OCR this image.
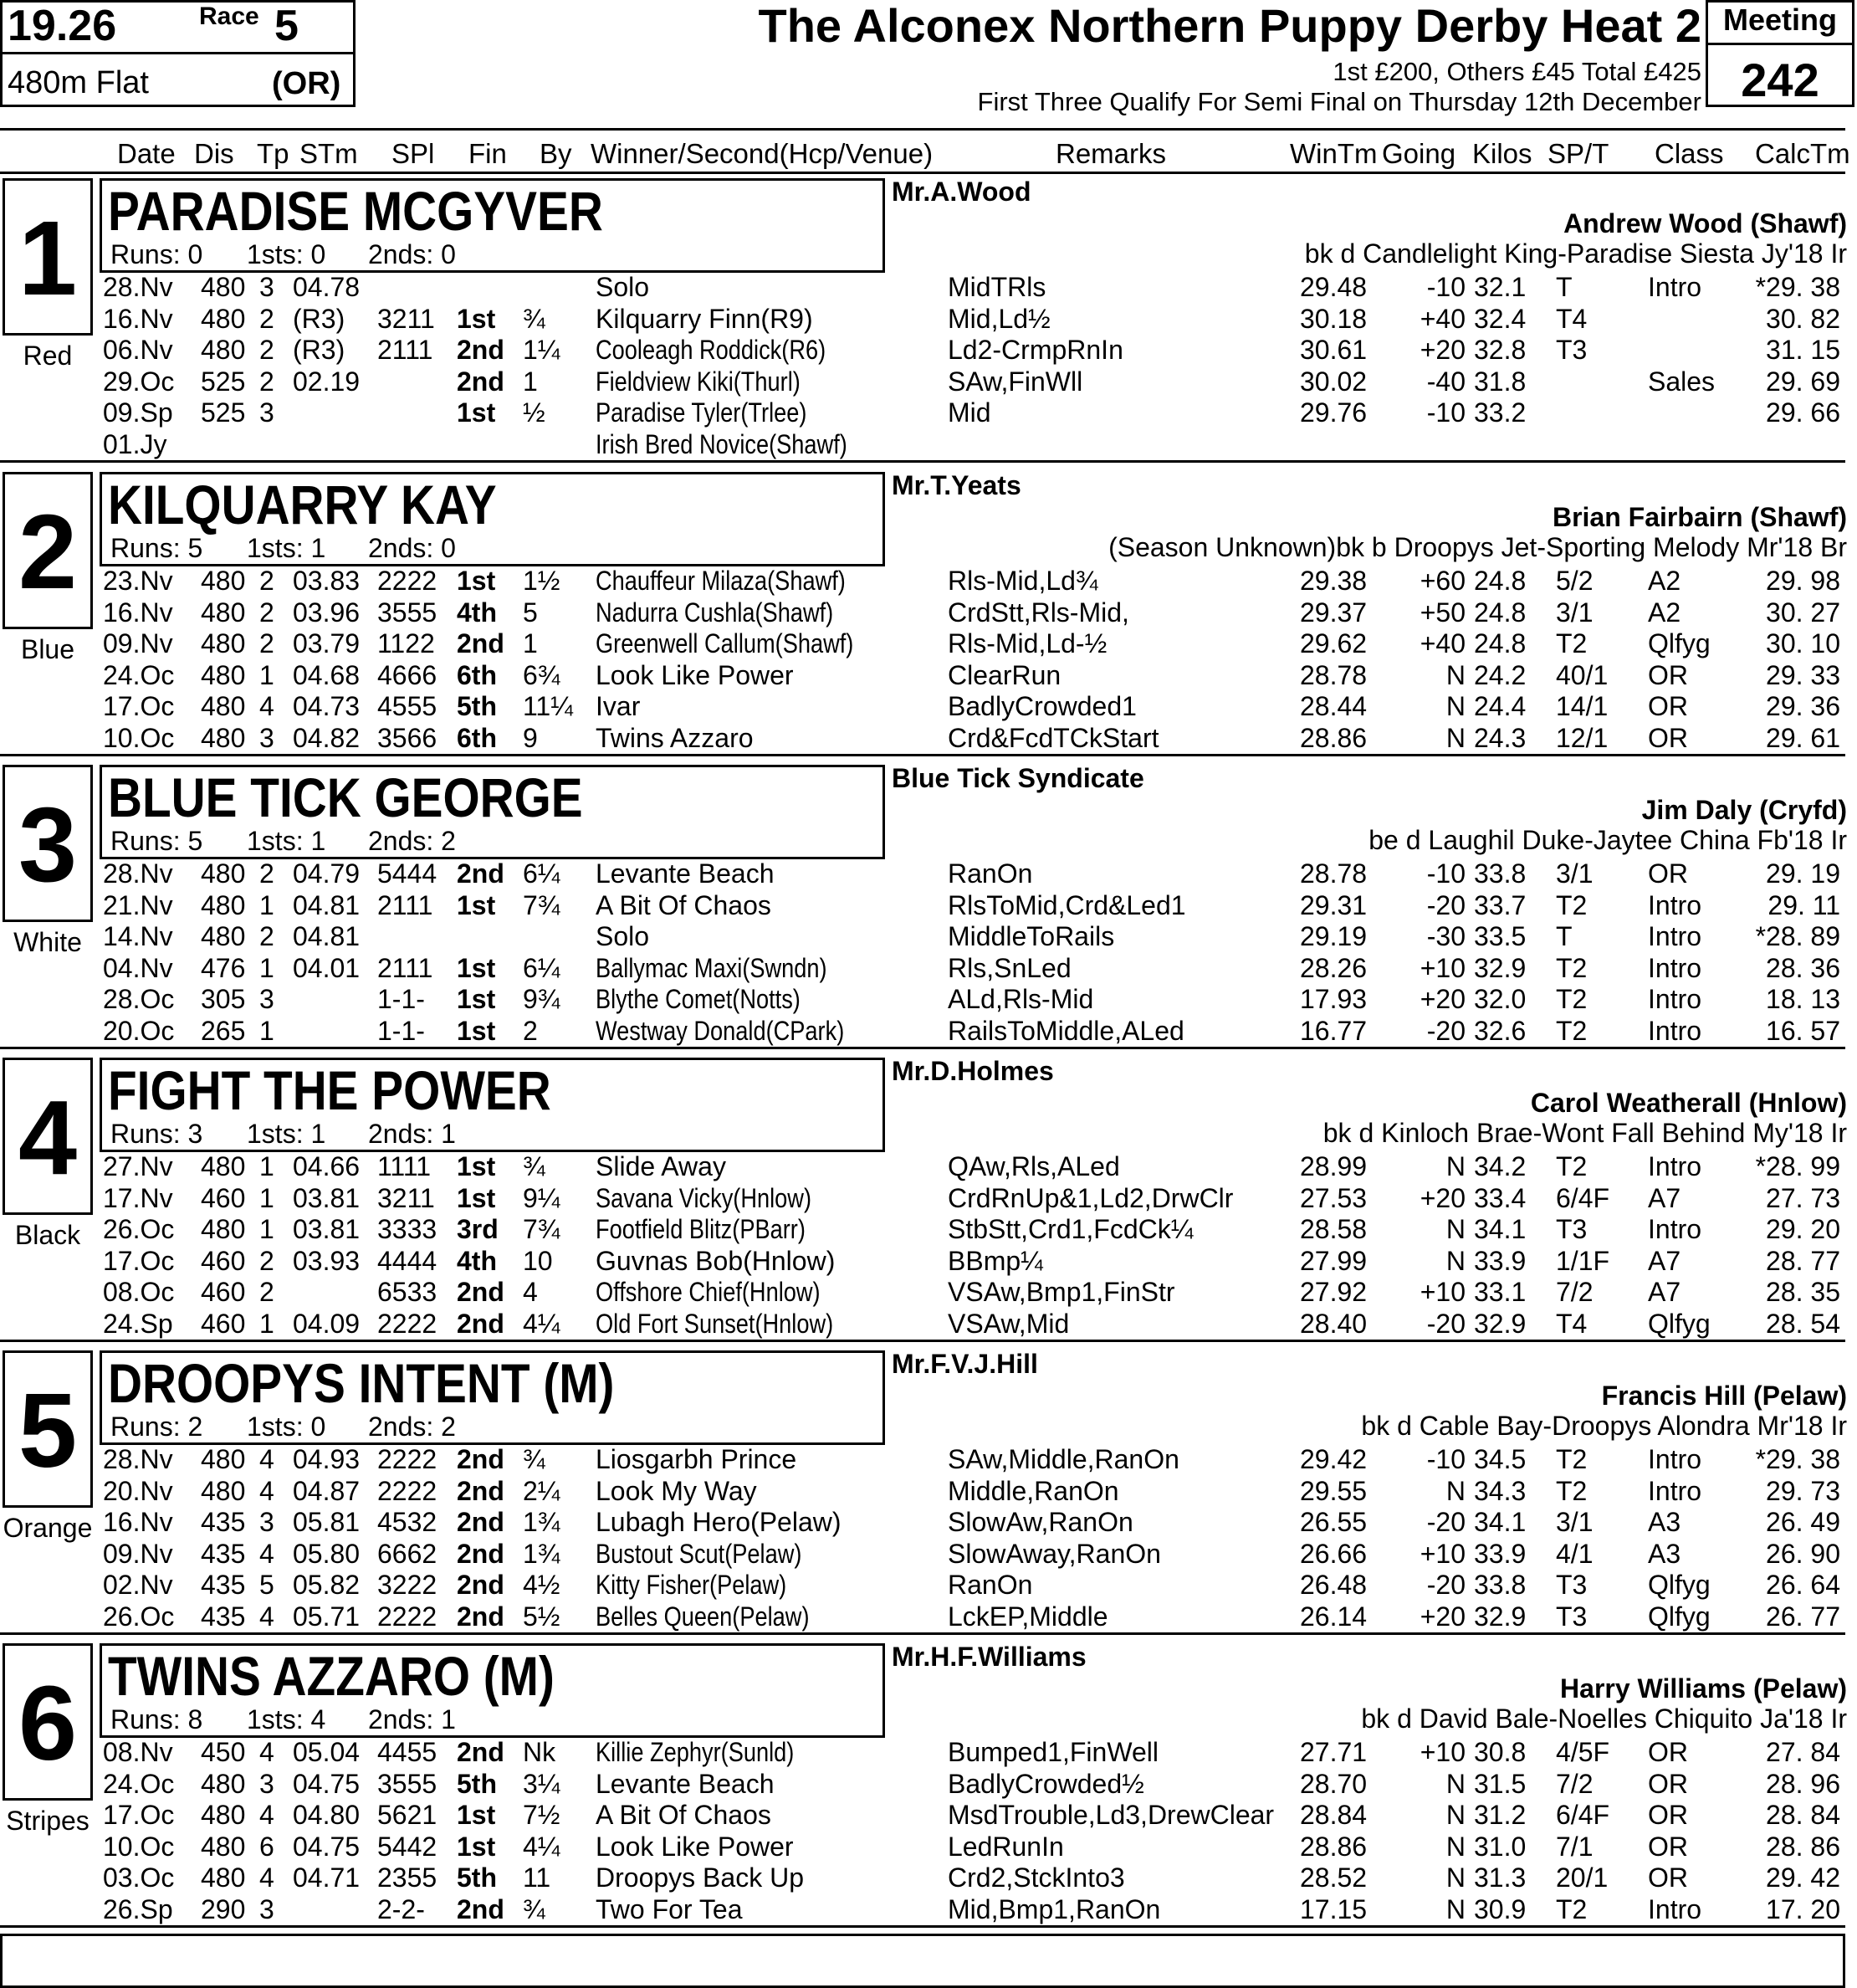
19.26	Race 5
480m Flat	(OR)
The Alconex Northern Puppy Derby Heat 2
1st £200, Others £45 Total £425
First Three Qualify For Semi Final on Thursday 12th December
Meeting
242
Date Dis Tp STm SPl Fin By Winner/Second(Hcp/Venue)	Remarks	WinTm Going Kilos SP/T Class CalcTm
1
Red
PARADISE MCGYVER
Runs: 0 1sts: 0 2nds: 0
Mr.A.Wood
Andrew Wood (Shawf)
bk d Candlelight King-Paradise Siesta Jy'18 Ir
28.Nv 480 3 04.78	Solo	MidTRls	29.48	-10 32.1 T	Intro	*29. 38
16.Nv 480 2 (R3) 3211 1st ¾ Kilquarry Finn(R9)	Mid,Ld½	30.18	+40 32.4 T4	30. 82
06.Nv 480 2 (R3) 2111 2nd 1¼ Cooleagh Roddick(R6)	Ld2-CrmpRnIn	30.61	+20 32.8 T3	31. 15
29.Oc 525 2 02.19	2nd 1 Fieldview Kiki(Thurl)	SAw,FinWll	30.02	-40 31.8	Sales	29. 69
09.Sp 525 3	1st ½ Paradise Tyler(Trlee)	Mid	29.76	-10 33.2	29. 66
01.Jy	Irish Bred Novice(Shawf)
2
Blue
KILQUARRY KAY
Runs: 5 1sts: 1 2nds: 0
Mr.T.Yeats
Brian Fairbairn (Shawf)
(Season Unknown)bk b Droopys Jet-Sporting Melody Mr'18 Br
23.Nv 480 2 03.83 2222 1st 1½ Chauffeur Milaza(Shawf)	Rls-Mid,Ld¾	29.38	+60 24.8 5/2 A2	29. 98
16.Nv 480 2 03.96 3555 4th 5 Nadurra Cushla(Shawf)	CrdStt,Rls-Mid,	29.37	+50 24.8 3/1 A2	30. 27
09.Nv 480 2 03.79 1122 2nd 1 Greenwell Callum(Shawf)	Rls-Mid,Ld-½	29.62	+40 24.8 T2 Qlfyg	30. 10
24.Oc 480 1 04.68 4666 6th 6¾ Look Like Power	ClearRun	28.78	N 24.2 40/1 OR	29. 33
17.Oc 480 4 04.73 4555 5th 11¼ Ivar	BadlyCrowded1	28.44	N 24.4 14/1 OR	29. 36
10.Oc 480 3 04.82 3566 6th 9 Twins Azzaro	Crd&FcdTCkStart	28.86	N 24.3 12/1 OR	29. 61
3
White
BLUE TICK GEORGE
Runs: 5 1sts: 1 2nds: 2
Blue Tick Syndicate
Jim Daly (Cryfd)
be d Laughil Duke-Jaytee China Fb'18 Ir
28.Nv 480 2 04.79 5444 2nd 6¼ Levante Beach	RanOn	28.78	-10 33.8 3/1 OR	29. 19
21.Nv 480 1 04.81 2111 1st 7¾ A Bit Of Chaos	RlsToMid,Crd&Led1	29.31	-20 33.7 T2 Intro	29. 11
14.Nv 480 2 04.81	Solo	MiddleToRails	29.19	-30 33.5 T	Intro	*28. 89
04.Nv 476 1 04.01 2111 1st 6¼ Ballymac Maxi(Swndn)	Rls,SnLed	28.26	+10 32.9 T2 Intro	28. 36
28.Oc 305 3	1-1- 1st 9¾ Blythe Comet(Notts)	ALd,Rls-Mid	17.93	+20 32.0 T2 Intro	18. 13
20.Oc 265 1	1-1- 1st 2 Westway Donald(CPark)	RailsToMiddle,ALed	16.77	-20 32.6 T2 Intro	16. 57
4
Black
FIGHT THE POWER
Runs: 3 1sts: 1 2nds: 1
Mr.D.Holmes
Carol Weatherall (Hnlow)
bk d Kinloch Brae-Wont Fall Behind My'18 Ir
27.Nv 480 1 04.66 1111 1st ¾ Slide Away	QAw,Rls,ALed	28.99	N 34.2 T2 Intro	*28. 99
17.Nv 460 1 03.81 3211 1st 9¼ Savana Vicky(Hnlow)	CrdRnUp&1,Ld2,DrwClr 27.53	+20 33.4 6/4F A7	27. 73
26.Oc 480 1 03.81 3333 3rd 7¾ Footfield Blitz(PBarr)	StbStt,Crd1,FcdCk¼	28.58	N 34.1 T3 Intro	29. 20
17.Oc 460 2 03.93 4444 4th 10 Guvnas Bob(Hnlow)	BBmp¼	27.99	N 33.9 1/1F A7	28. 77
08.Oc 460 2	6533 2nd 4 Offshore Chief(Hnlow)	VSAw,Bmp1,FinStr	27.92	+10 33.1 7/2 A7	28. 35
24.Sp 460 1 04.09 2222 2nd 4¼ Old Fort Sunset(Hnlow)	VSAw,Mid	28.40	-20 32.9 T4 Qlfyg	28. 54
5
Orange
DROOPYS INTENT (M)
Runs: 2 1sts: 0 2nds: 2
Mr.F.V.J.Hill
Francis Hill (Pelaw)
bk d Cable Bay-Droopys Alondra Mr'18 Ir
28.Nv 480 4 04.93 2222 2nd ¾ Liosgarbh Prince	SAw,Middle,RanOn	29.42	-10 34.5 T2 Intro	*29. 38
20.Nv 480 4 04.87 2222 2nd 2¼ Look My Way	Middle,RanOn	29.55	N 34.3 T2 Intro	29. 73
16.Nv 435 3 05.81 4532 2nd 1¾ Lubagh Hero(Pelaw)	SlowAw,RanOn	26.55	-20 34.1 3/1 A3	26. 49
09.Nv 435 4 05.80 6662 2nd 1¾ Bustout Scut(Pelaw)	SlowAway,RanOn	26.66	+10 33.9 4/1 A3	26. 90
02.Nv 435 5 05.82 3222 2nd 4½ Kitty Fisher(Pelaw)	RanOn	26.48	-20 33.8 T3 Qlfyg	26. 64
26.Oc 435 4 05.71 2222 2nd 5½ Belles Queen(Pelaw)	LckEP,Middle	26.14	+20 32.9 T3 Qlfyg	26. 77
6
Stripes
TWINS AZZARO (M)
Runs: 8 1sts: 4 2nds: 1
Mr.H.F.Williams
Harry Williams (Pelaw)
bk d David Bale-Noelles Chiquito Ja'18 Ir
08.Nv 450 4 05.04 4455 2nd Nk Killie Zephyr(Sunld)	Bumped1,FinWell	27.71	+10 30.8 4/5F OR	27. 84
24.Oc 480 3 04.75 3555 5th 3¼ Levante Beach	BadlyCrowded½	28.70	N 31.5 7/2 OR	28. 96
17.Oc 480 4 04.80 5621 1st 7½ A Bit Of Chaos	MsdTrouble,Ld3,DrewClear 28.84	N 31.2 6/4F OR	28. 84
10.Oc 480 6 04.75 5442 1st 4¼ Look Like Power	LedRunIn	28.86	N 31.0 7/1 OR	28. 86
03.Oc 480 4 04.71 2355 5th 11 Droopys Back Up	Crd2,StckInto3	28.52	N 31.3 20/1 OR	29. 42
26.Sp 290 3	2-2- 2nd ¾ Two For Tea	Mid,Bmp1,RanOn	17.15	N 30.9 T2 Intro	17. 20
